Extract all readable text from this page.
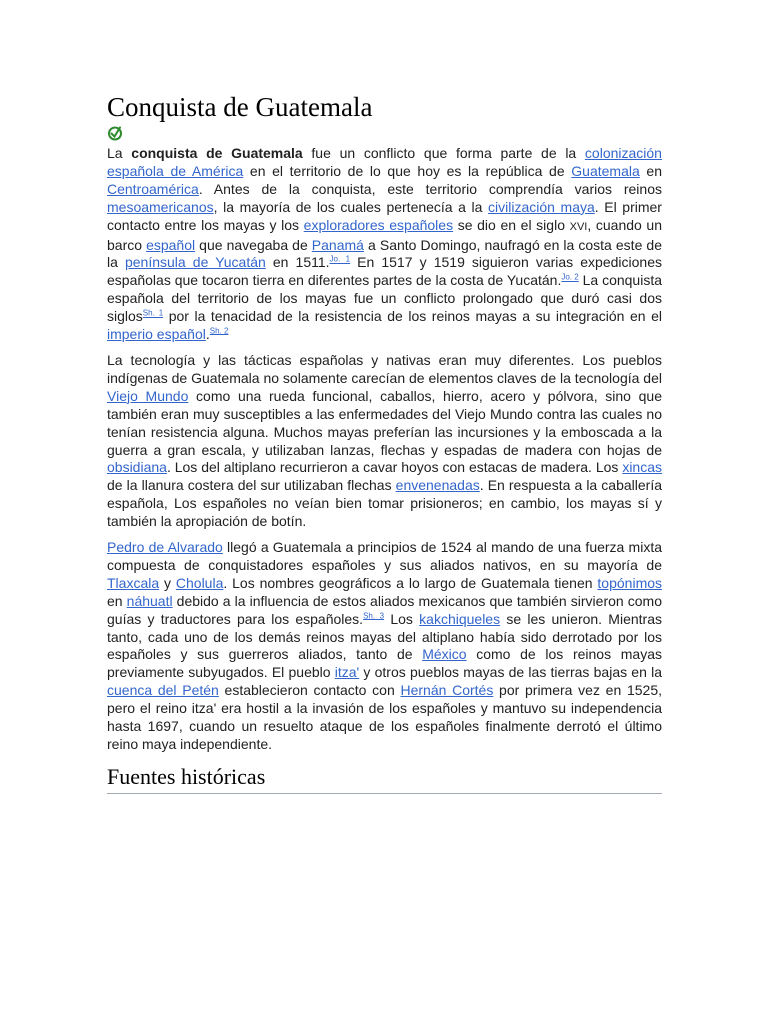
Conquista de Guatemala

La conquista de Guatemala fue un conflicto que forma parte de la colonización española de América en el territorio de lo que hoy es la república de Guatemala en Centroamérica. Antes de la conquista, este territorio comprendía varios reinos mesoamericanos, la mayoría de los cuales pertenecía a la civilización maya. El primer contacto entre los mayas y los exploradores españoles se dio en el siglo XVI, cuando un barco español que navegaba de Panamá a Santo Domingo, naufragó en la costa este de la península de Yucatán en 1511.$^{Jo. 1}$ En 1517 y 1519 siguieron varias expediciones españolas que tocaron tierra en diferentes partes de la costa de Yucatán.$^{Jo. 2}$ La conquista española del territorio de los mayas fue un conflicto prolongado que duró casi dos siglos$^{Sh. 1}$ por la tenacidad de la resistencia de los reinos mayas a su integración en el imperio español.$^{Sh. 2}$

La tecnología y las tácticas españolas y nativas eran muy diferentes. Los pueblos indígenas de Guatemala no solamente carecían de elementos claves de la tecnología del Viejo Mundo como una rueda funcional, caballos, hierro, acero y pólvora, sino que también eran muy susceptibles a las enfermedades del Viejo Mundo contra las cuales no tenían resistencia alguna. Muchos mayas preferían las incursiones y la emboscada a la guerra a gran escala, y utilizaban lanzas, flechas y espadas de madera con hojas de obsidiana. Los del altiplano recurrieron a cavar hoyos con estacas de madera. Los xincas de la llanura costera del sur utilizaban flechas envenenadas. En respuesta a la caballería española, Los españoles no veían bien tomar prisioneros; en cambio, los mayas sí y también la apropiación de botín.

Pedro de Alvarado llegó a Guatemala a principios de 1524 al mando de una fuerza mixta compuesta de conquistadores españoles y sus aliados nativos, en su mayoría de Tlaxcala y Cholula. Los nombres geográficos a lo largo de Guatemala tienen topónimos en náhuatl debido a la influencia de estos aliados mexicanos que también sirvieron como guías y traductores para los españoles.$^{Sh. 3}$ Los kakchiqueles se les unieron. Mientras tanto, cada uno de los demás reinos mayas del altiplano había sido derrotado por los españoles y sus guerreros aliados, tanto de México como de los reinos mayas previamente subyugados. El pueblo itza' y otros pueblos mayas de las tierras bajas en la cuenca del Petén establecieron contacto con Hernán Cortés por primera vez en 1525, pero el reino itza' era hostil a la invasión de los españoles y mantuvo su independencia hasta 1697, cuando un resuelto ataque de los españoles finalmente derrotó el último reino maya independiente.

Fuentes históricas
